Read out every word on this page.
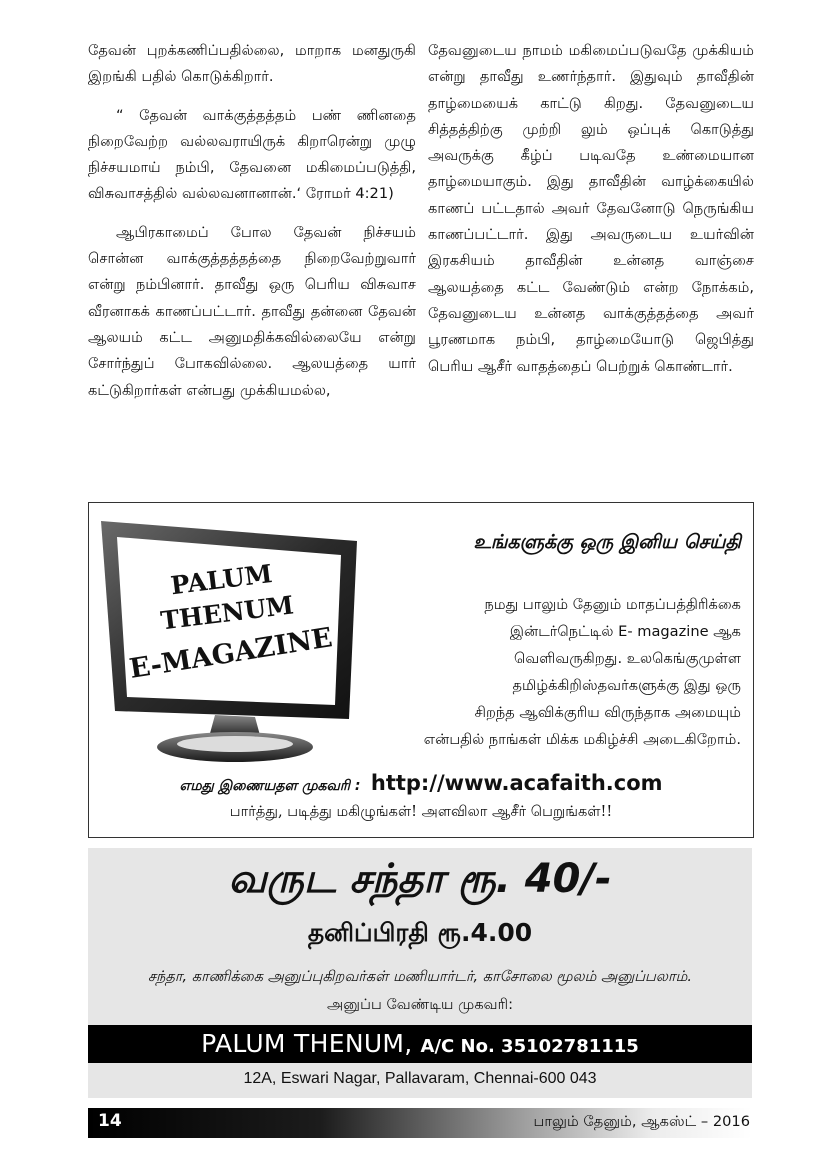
தேவன் புறக்கணிப்பதில்லை, மாறாக மனதுருகி இறங்கி பதில் கொடுக்கிறார்.

“ தேவன் வாக்குத்தத்தம் பண் ணினதை நிறைவேற்ற வல்லவராயிருக் கிறாரென்று முழு நிச்சயமாய் நம்பி, தேவனை மகிமைப்படுத்தி, விசுவாசத்தில் வல்லவனானான்.‘ ரோமர் 4:21)

ஆபிரகாமைப் போல தேவன் நிச்சயம் சொன்ன வாக்குத்தத்தத்தை நிறைவேற்றுவார் என்று நம்பினார். தாவீது ஒரு பெரிய விசுவாச வீரனாகக் காணப்பட்டார். தாவீது தன்னை தேவன் ஆலயம் கட்ட அனுமதிக்கவில்லையே என்று சோர்ந்துப் போகவில்லை. ஆலயத்தை யார் கட்டுகிறார்கள் என்பது முக்கியமல்ல,

தேவனுடைய நாமம் மகிமைப்படுவதே முக்கியம் என்று தாவீது உணர்ந்தார். இதுவும் தாவீதின் தாழ்மையைக் காட்டு கிறது. தேவனுடைய சித்தத்திற்கு முற்றி லும் ஒப்புக் கொடுத்து அவருக்கு கீழ்ப் படிவதே உண்மையான தாழ்மையாகும். இது தாவீதின் வாழ்க்கையில் காணப் பட்டதால் அவர் தேவனோடு நெருங்கிய காணப்பட்டார். இது அவருடைய உயர்வின் இரகசியம் தாவீதின் உன்னத வாஞ்சை ஆலயத்தை கட்ட வேண்டும் என்ற நோக்கம், தேவனுடைய உன்னத வாக்குத்தத்தை அவர் பூரணமாக நம்பி, தாழ்மையோடு ஜெபித்து பெரிய ஆசீர் வாதத்தைப் பெற்றுக் கொண்டார்.

PALUM
THENUM
E-MAGAZINE
உங்களுக்கு ஒரு இனிய செய்தி
நமது பாலும் தேனும் மாதப்பத்திரிக்கை
இன்டர்நெட்டில் E- magazine ஆக
வெளிவருகிறது. உலகெங்குமுள்ள
தமிழ்க்கிறிஸ்தவர்களுக்கு இது ஒரு
சிறந்த ஆவிக்குரிய விருந்தாக அமையும்
என்பதில் நாங்கள் மிக்க மகிழ்ச்சி அடைகிறோம்.
எமது இணையதள முகவரி : http://www.acafaith.com
பார்த்து, படித்து மகிழுங்கள்! அளவிலா ஆசீர் பெறுங்கள்!!
வருட சந்தா ரூ. 40/-
தனிப்பிரதி ரூ.4.00
சந்தா, காணிக்கை அனுப்புகிறவர்கள் மணியார்டர், காசோலை மூலம் அனுப்பலாம்.
அனுப்ப வேண்டிய முகவரி:
PALUM THENUM, A/C No. 35102781115
12A, Eswari Nagar, Pallavaram, Chennai-600 043
14	பாலும் தேனும், ஆகஸ்ட் – 2016
